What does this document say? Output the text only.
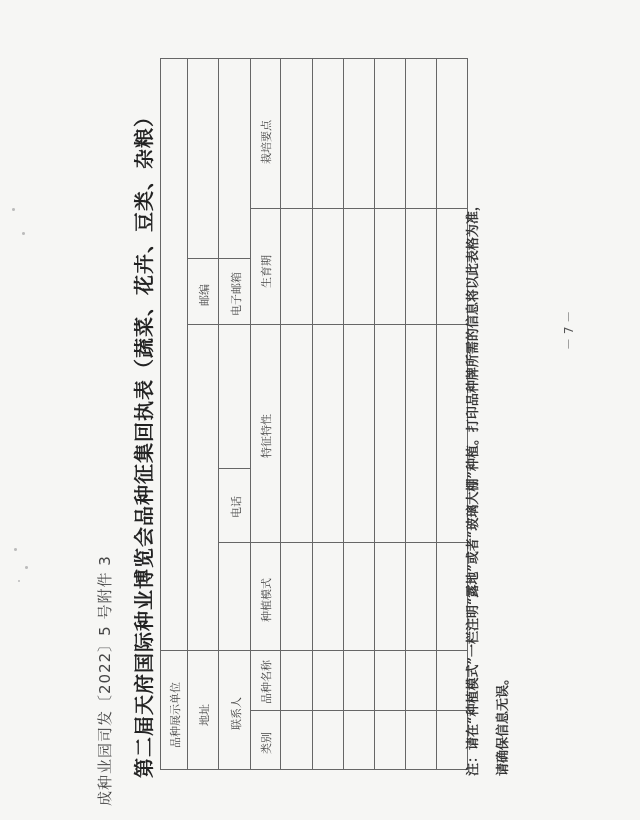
成种业园司发〔2022〕5 号附件 3 第二届天府国际种业博览会品种征集回执表（蔬菜、花卉、豆类、杂粮） 品种展示单位 地址
邮编
联系人
电话
电子邮箱
类别
品种名称
种植模式
特征特性
生育期
栽培要点
注：请在“种植模式”一栏注明“露地”或者“玻璃大棚”种植。打印品种牌所需的信息将以此表格为准，	请确保信息无误。
－ 7 －
